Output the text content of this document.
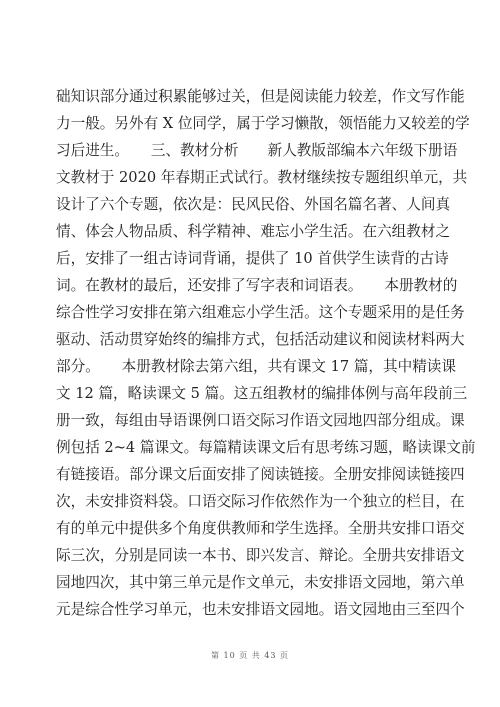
础知识部分通过积累能够过关，但是阅读能力较差，作文写作能
力一般。另外有 X 位同学，属于学习懒散，领悟能力又较差的学
习后进生。　　三、教材分析　　新人教版部编本六年级下册语
文教材于 2020 年春期正式试行。教材继续按专题组织单元，共
设计了六个专题，依次是：民风民俗、外国名篇名著、人间真
情、体会人物品质、科学精神、难忘小学生活。在六组教材之
后，安排了一组古诗词背诵，提供了 10 首供学生读背的古诗
词。在教材的最后，还安排了写字表和词语表。　　本册教材的
综合性学习安排在第六组难忘小学生活。这个专题采用的是任务
驱动、活动贯穿始终的编排方式，包括活动建议和阅读材料两大
部分。　　本册教材除去第六组，共有课文 17 篇，其中精读课
文 12 篇，略读课文 5 篇。这五组教材的编排体例与高年段前三
册一致，每组由导语课例口语交际习作语文园地四部分组成。课
例包括 2~4 篇课文。每篇精读课文后有思考练习题，略读课文前
有链接语。部分课文后面安排了阅读链接。全册安排阅读链接四
次，未安排资料袋。口语交际习作依然作为一个独立的栏目，在
有的单元中提供多个角度供教师和学生选择。全册共安排口语交
际三次，分别是同读一本书、即兴发言、辩论。全册共安排语文
园地四次，其中第三单元是作文单元，未安排语文园地，第六单
元是综合性学习单元，也未安排语文园地。语文园地由三至四个
第 10 页 共 43 页
